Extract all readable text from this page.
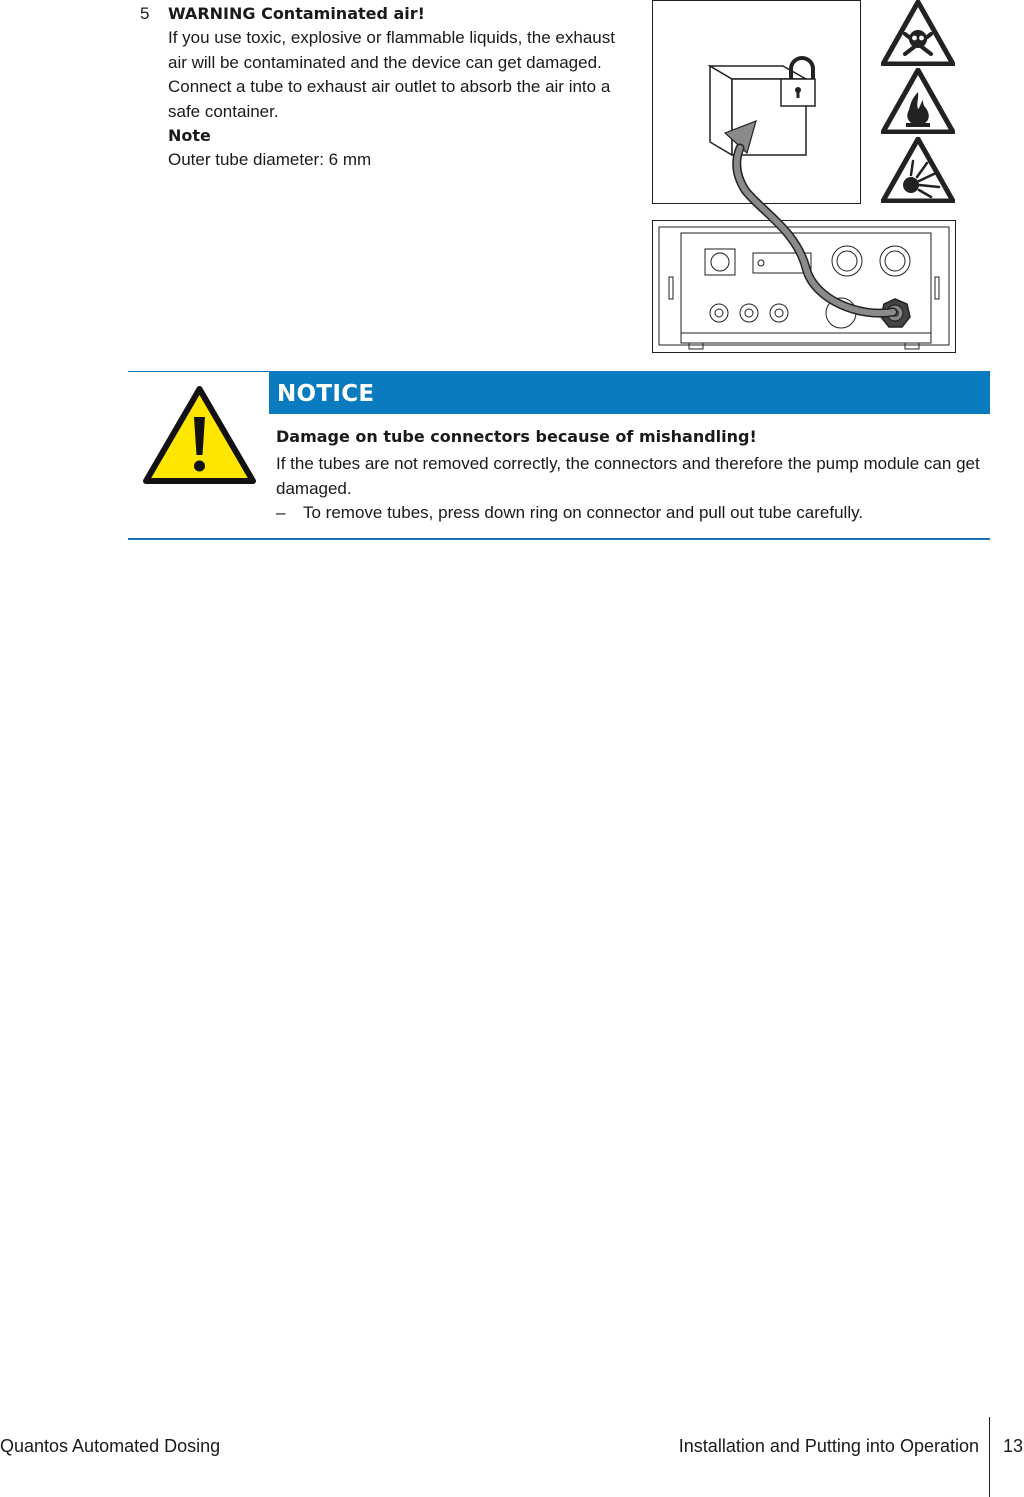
5 WARNING Contaminated air!
If you use toxic, explosive or flammable liquids, the exhaust
air will be contaminated and the device can get damaged.
Connect a tube to exhaust air outlet to absorb the air into a
safe container.
Note
Outer tube diameter: 6 mm
NOTICE
Damage on tube connectors because of mishandling!
If the tubes are not removed correctly, the connectors and therefore the pump module can get damaged.
– To remove tubes, press down ring on connector and pull out tube carefully.
Quantos Automated Dosing	Installation and Putting into Operation 13
